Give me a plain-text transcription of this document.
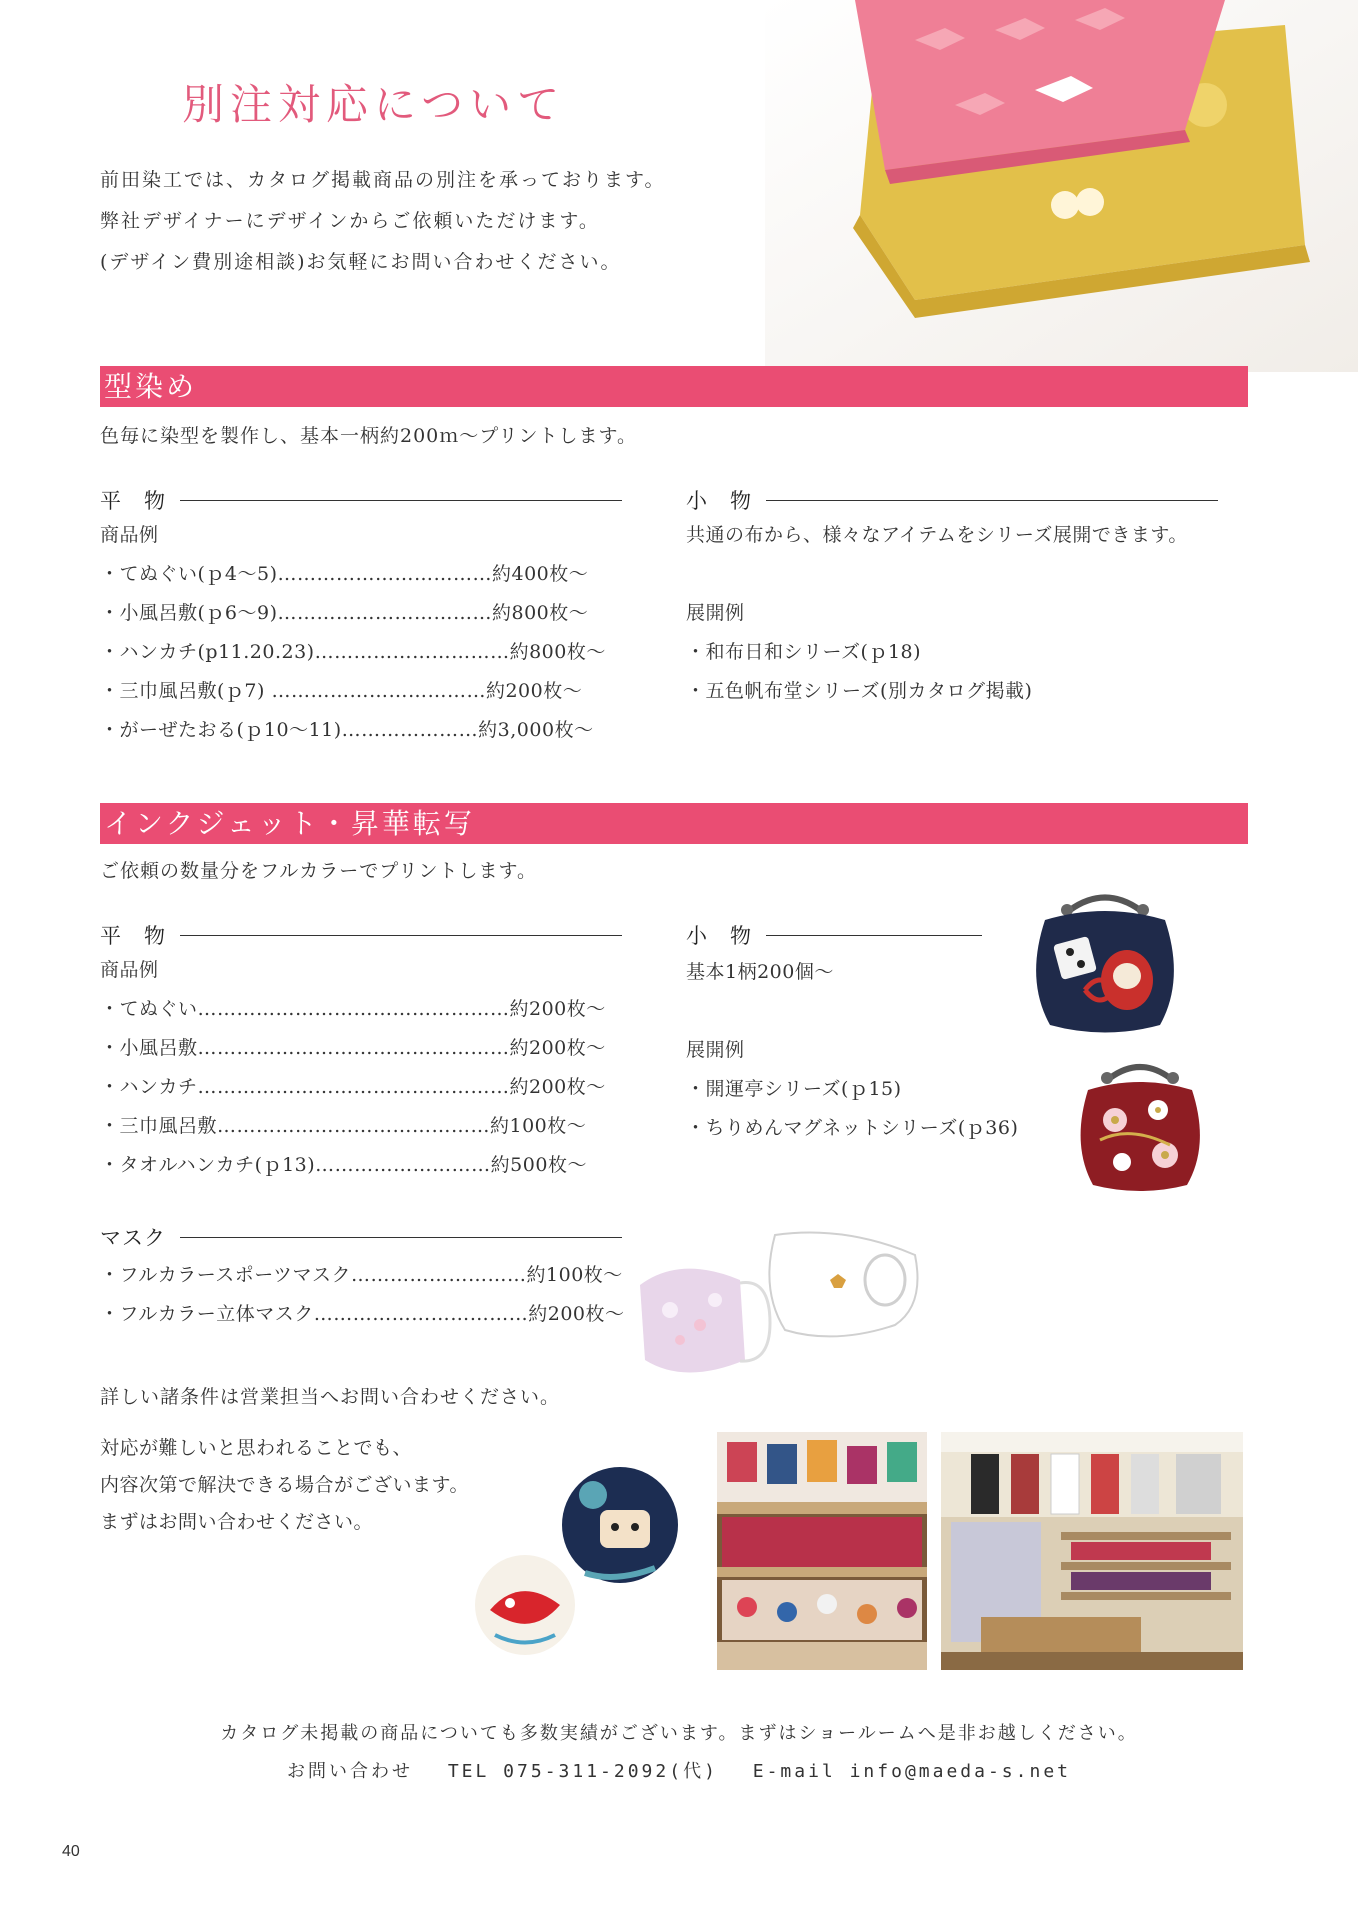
別注対応について
前田染工では、カタログ掲載商品の別注を承っております。
弊社デザイナーにデザインからご依頼いただけます。
(デザイン費別途相談)お気軽にお問い合わせください。
型染め
色毎に染型を製作し、基本一柄約200ｍ～プリントします。
平　物
商品例
・てぬぐい(ｐ4～5)……………………………約400枚～
・小風呂敷(ｐ6～9)……………………………約800枚～
・ハンカチ(p11.20.23)…………………………約800枚～
・三巾風呂敷(ｐ7) ……………………………約200枚～
・がーぜたおる(ｐ10～11)…………………約3,000枚～
小　物
共通の布から、様々なアイテムをシリーズ展開できます。
展開例
・和布日和シリーズ(ｐ18)
・五色帆布堂シリーズ(別カタログ掲載)
インクジェット・昇華転写
ご依頼の数量分をフルカラーでプリントします。
平　物
商品例
・てぬぐい…………………………………………約200枚～
・小風呂敷…………………………………………約200枚～
・ハンカチ…………………………………………約200枚～
・三巾風呂敷……………………………………約100枚～
・タオルハンカチ(ｐ13)………………………約500枚～
小　物
基本1柄200個～
展開例
・開運亭シリーズ(ｐ15)
・ちりめんマグネットシリーズ(ｐ36)
マスク
・フルカラースポーツマスク………………………約100枚～
・フルカラー立体マスク……………………………約200枚～
詳しい諸条件は営業担当へお問い合わせください。
対応が難しいと思われることでも、
内容次第で解決できる場合がございます。
まずはお問い合わせください。
カタログ未掲載の商品についても多数実績がございます。まずはショールームへ是非お越しください。
お問い合わせ　 TEL 075-311-2092(代)　 E-mail info@maeda-s.net
40
